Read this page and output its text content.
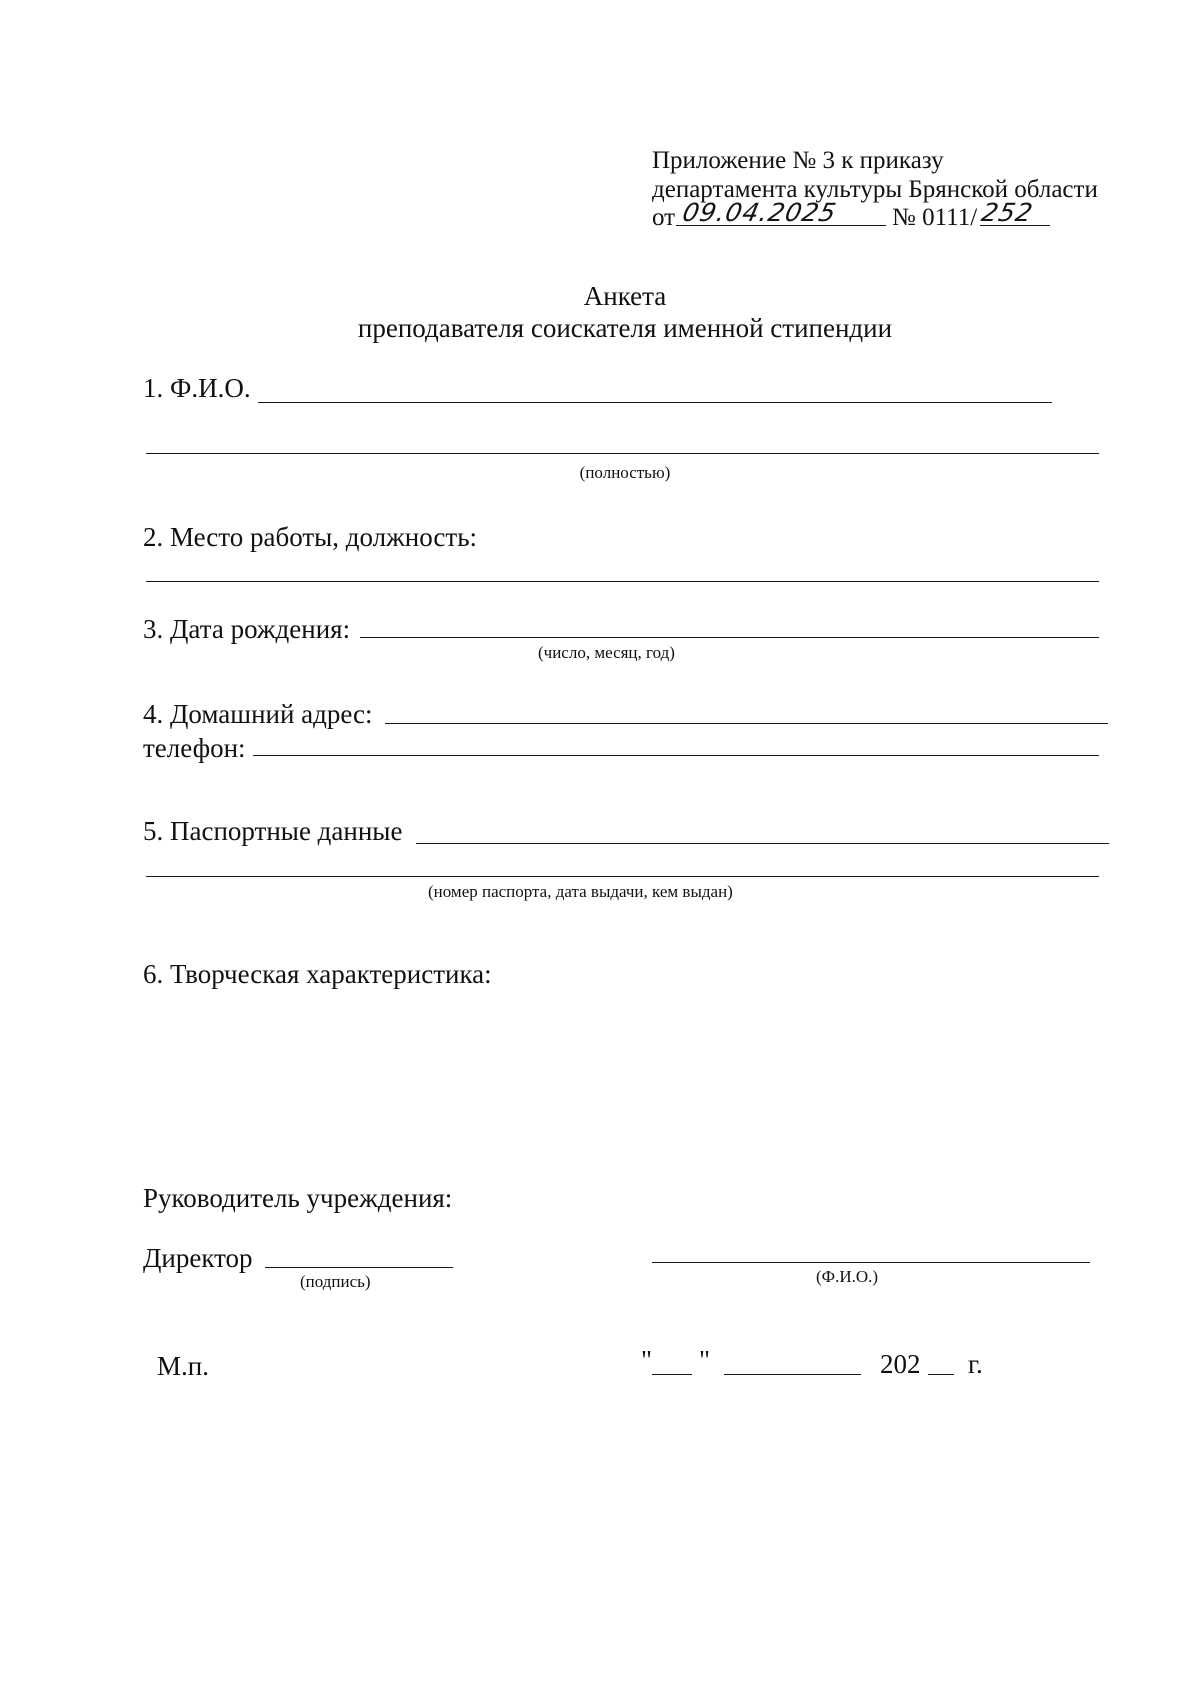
Приложение № 3 к приказу
департамента культуры Брянской области
от 09.04.2025 № 0111/ 252
Анкета
преподавателя соискателя именной стипендии
1. Ф.И.О.
(полностью)
2. Место работы, должность:
3. Дата рождения:
(число, месяц, год)
4. Домашний адрес:
телефон:
5. Паспортные данные
(номер паспорта, дата выдачи, кем выдан)
6. Творческая характеристика:
Руководитель учреждения:
Директор
(подпись)	(Ф.И.О.)
М.п.	" "	202 г.
